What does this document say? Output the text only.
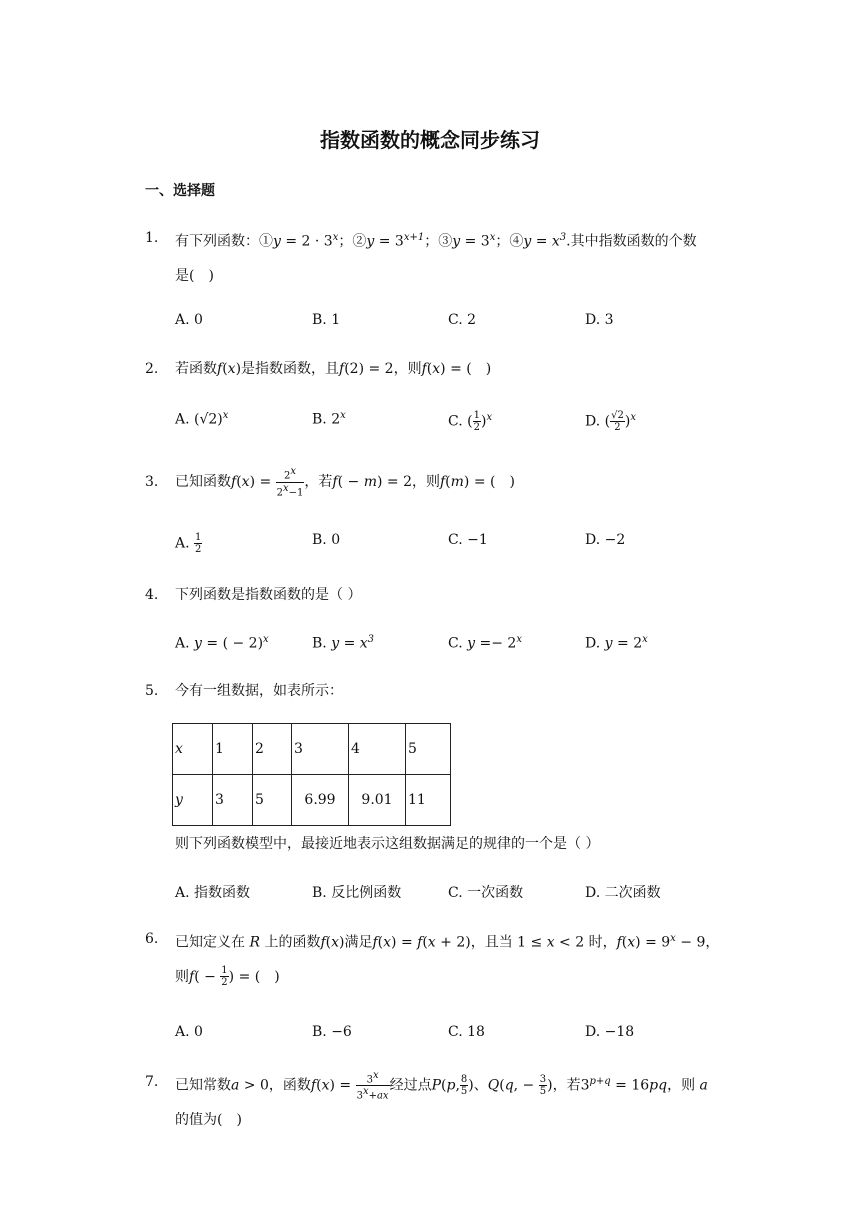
指数函数的概念同步练习
一、选择题
1.	有下列函数：①y = $2 \cdot 3^x$；②y = $3^{x+1}$；③y = $3^x$；④y = $x^3$.其中指数函数的个数
是(　)
A. 0	B. 1	C. 2	D. 3
2.	若函数f(x)是指数函数，且f(2) = 2，则f(x) = (　)
A. $(√2)^x$	B. 2$^x$	C. ( $\frac{1}{2} )^x$	D. ( $\frac{√2}{2} )^x$
3.	已知函数$f(x) = \frac{2^x}{2^x-1}$ ，若f( − m) = 2，则f(m) = (　)
A. $\frac{1}{2}$	B. 0	C. −1	D. −2
4.	下列函数是指数函数的是（ ）
A. y = ( − 2)$^x$	B. $y = x^3$	C. $y =- 2^x$	D. $y = 2^x$
5.	今有一组数据，如表所示：
x	1	2	3	4	5
y	3	5	6.99	9.01	11
则下列函数模型中，最接近地表示这组数据满足的规律的一个是（ ）
A. 指数函数	B. 反比例函数	C. 一次函数	D. 二次函数
6.	已知定义在 R 上的函数f(x)满足f(x) = f(x + 2)，且当 1 ≤ x < 2 时，$f(x) = 9^x - 9$，
则$f( - \frac{1}{2}$ ) = (　)
A. 0	B. −6	C. 18	D. −18
7.	已知常数a > 0，函数$f(x) = \frac{3^x}{3^x+ax}$ 经过点P(p, $\frac{8}{5}$ )、Q(q, − $\frac{3}{5}$ )，若$3^{p+q} = 16pq$，则 a
的值为(　)
